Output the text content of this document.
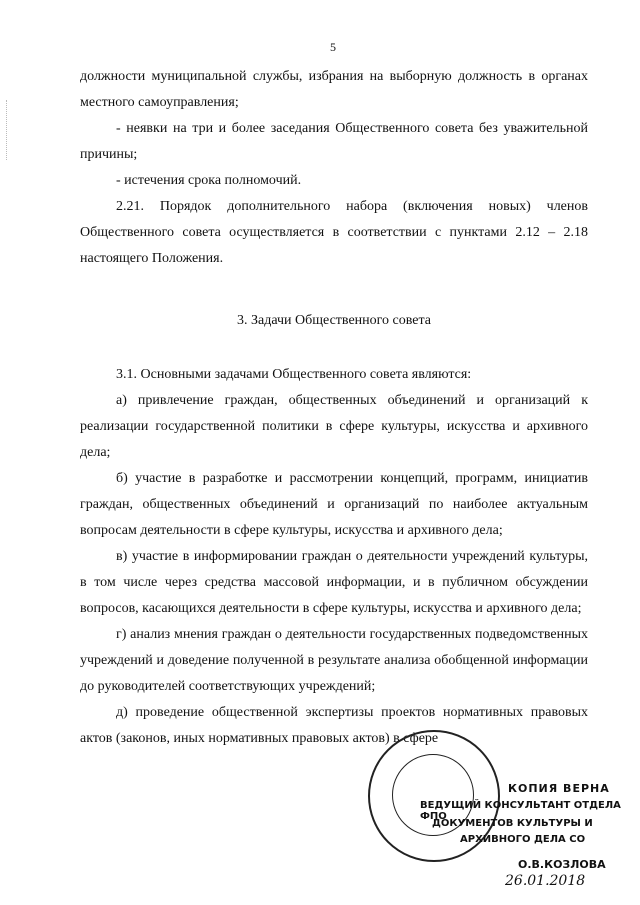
5

должности муниципальной службы, избрания на выборную должность в органах местного самоуправления;

- неявки на три и более заседания Общественного совета без уважительной причины;

- истечения срока полномочий.

2.21. Порядок дополнительного набора (включения новых) членов Общественного совета осуществляется в соответствии с пунктами 2.12 – 2.18 настоящего Положения.

3. Задачи Общественного совета

3.1. Основными задачами Общественного совета являются:

а) привлечение граждан, общественных объединений и организаций к реализации государственной политики в сфере культуры, искусства и архивного дела;

б) участие в разработке и рассмотрении концепций, программ, инициатив граждан, общественных объединений и организаций по наиболее актуальным вопросам деятельности в сфере культуры, искусства и архивного дела;

в) участие в информировании граждан о деятельности учреждений культуры, в том числе через средства массовой информации, и в публичном обсуждении вопросов, касающихся деятельности в сфере культуры, искусства и архивного дела;

г) анализ мнения граждан о деятельности государственных подведомственных учреждений и доведение полученной в результате анализа обобщенной информации до руководителей соответствующих учреждений;

д) проведение общественной экспертизы проектов нормативных правовых актов (законов, иных нормативных правовых актов) в сфере

КОПИЯ ВЕРНА
ВЕДУЩИЙ КОНСУЛЬТАНТ ОТДЕЛА ФПО
ДОКУМЕНТОВ КУЛЬТУРЫ И
АРХИВНОГО ДЕЛА СО
О.В.КОЗЛОВА
26.01.2018
